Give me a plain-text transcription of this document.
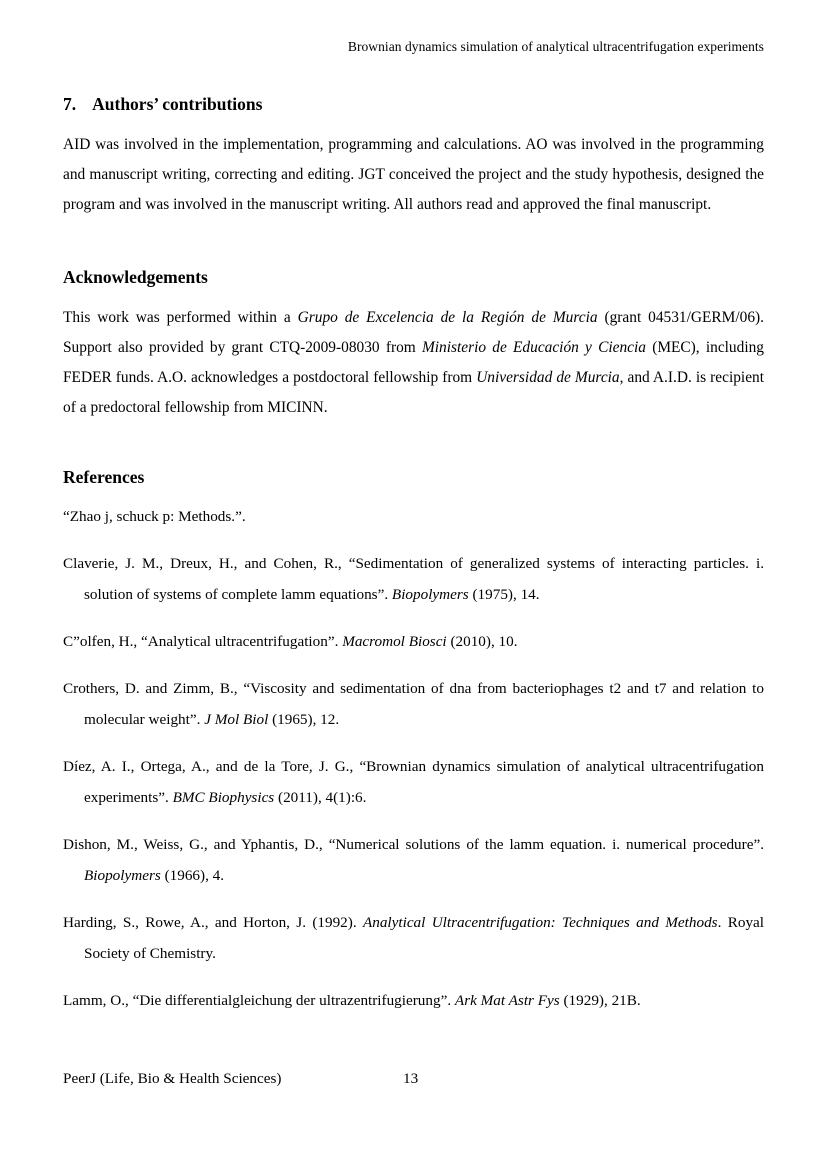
Brownian dynamics simulation of analytical ultracentrifugation experiments
7. Authors’ contributions

AID was involved in the implementation, programming and calculations. AO was involved in the programming and manuscript writing, correcting and editing. JGT conceived the project and the study hypothesis, designed the program and was involved in the manuscript writing. All authors read and approved the final manuscript.

Acknowledgements

This work was performed within a Grupo de Excelencia de la Región de Murcia (grant 04531/GERM/06). Support also provided by grant CTQ-2009-08030 from Ministerio de Educación y Ciencia (MEC), including FEDER funds. A.O. acknowledges a postdoctoral fellowship from Universidad de Murcia, and A.I.D. is recipient of a predoctoral fellowship from MICINN.

References
“Zhao j, schuck p: Methods.”.
Claverie, J. M., Dreux, H., and Cohen, R., “Sedimentation of generalized systems of interacting particles. i. solution of systems of complete lamm equations”. Biopolymers (1975), 14.
C”olfen, H., “Analytical ultracentrifugation”. Macromol Biosci (2010), 10.
Crothers, D. and Zimm, B., “Viscosity and sedimentation of dna from bacteriophages t2 and t7 and relation to molecular weight”. J Mol Biol (1965), 12.
Díez, A. I., Ortega, A., and de la Tore, J. G., “Brownian dynamics simulation of analytical ultracentrifugation experiments”. BMC Biophysics (2011), 4(1):6.
Dishon, M., Weiss, G., and Yphantis, D., “Numerical solutions of the lamm equation. i. numerical procedure”. Biopolymers (1966), 4.
Harding, S., Rowe, A., and Horton, J. (1992). Analytical Ultracentrifugation: Techniques and Methods. Royal Society of Chemistry.
Lamm, O., “Die differentialgleichung der ultrazentrifugierung”. Ark Mat Astr Fys (1929), 21B.
PeerJ (Life, Bio & Health Sciences)	13
